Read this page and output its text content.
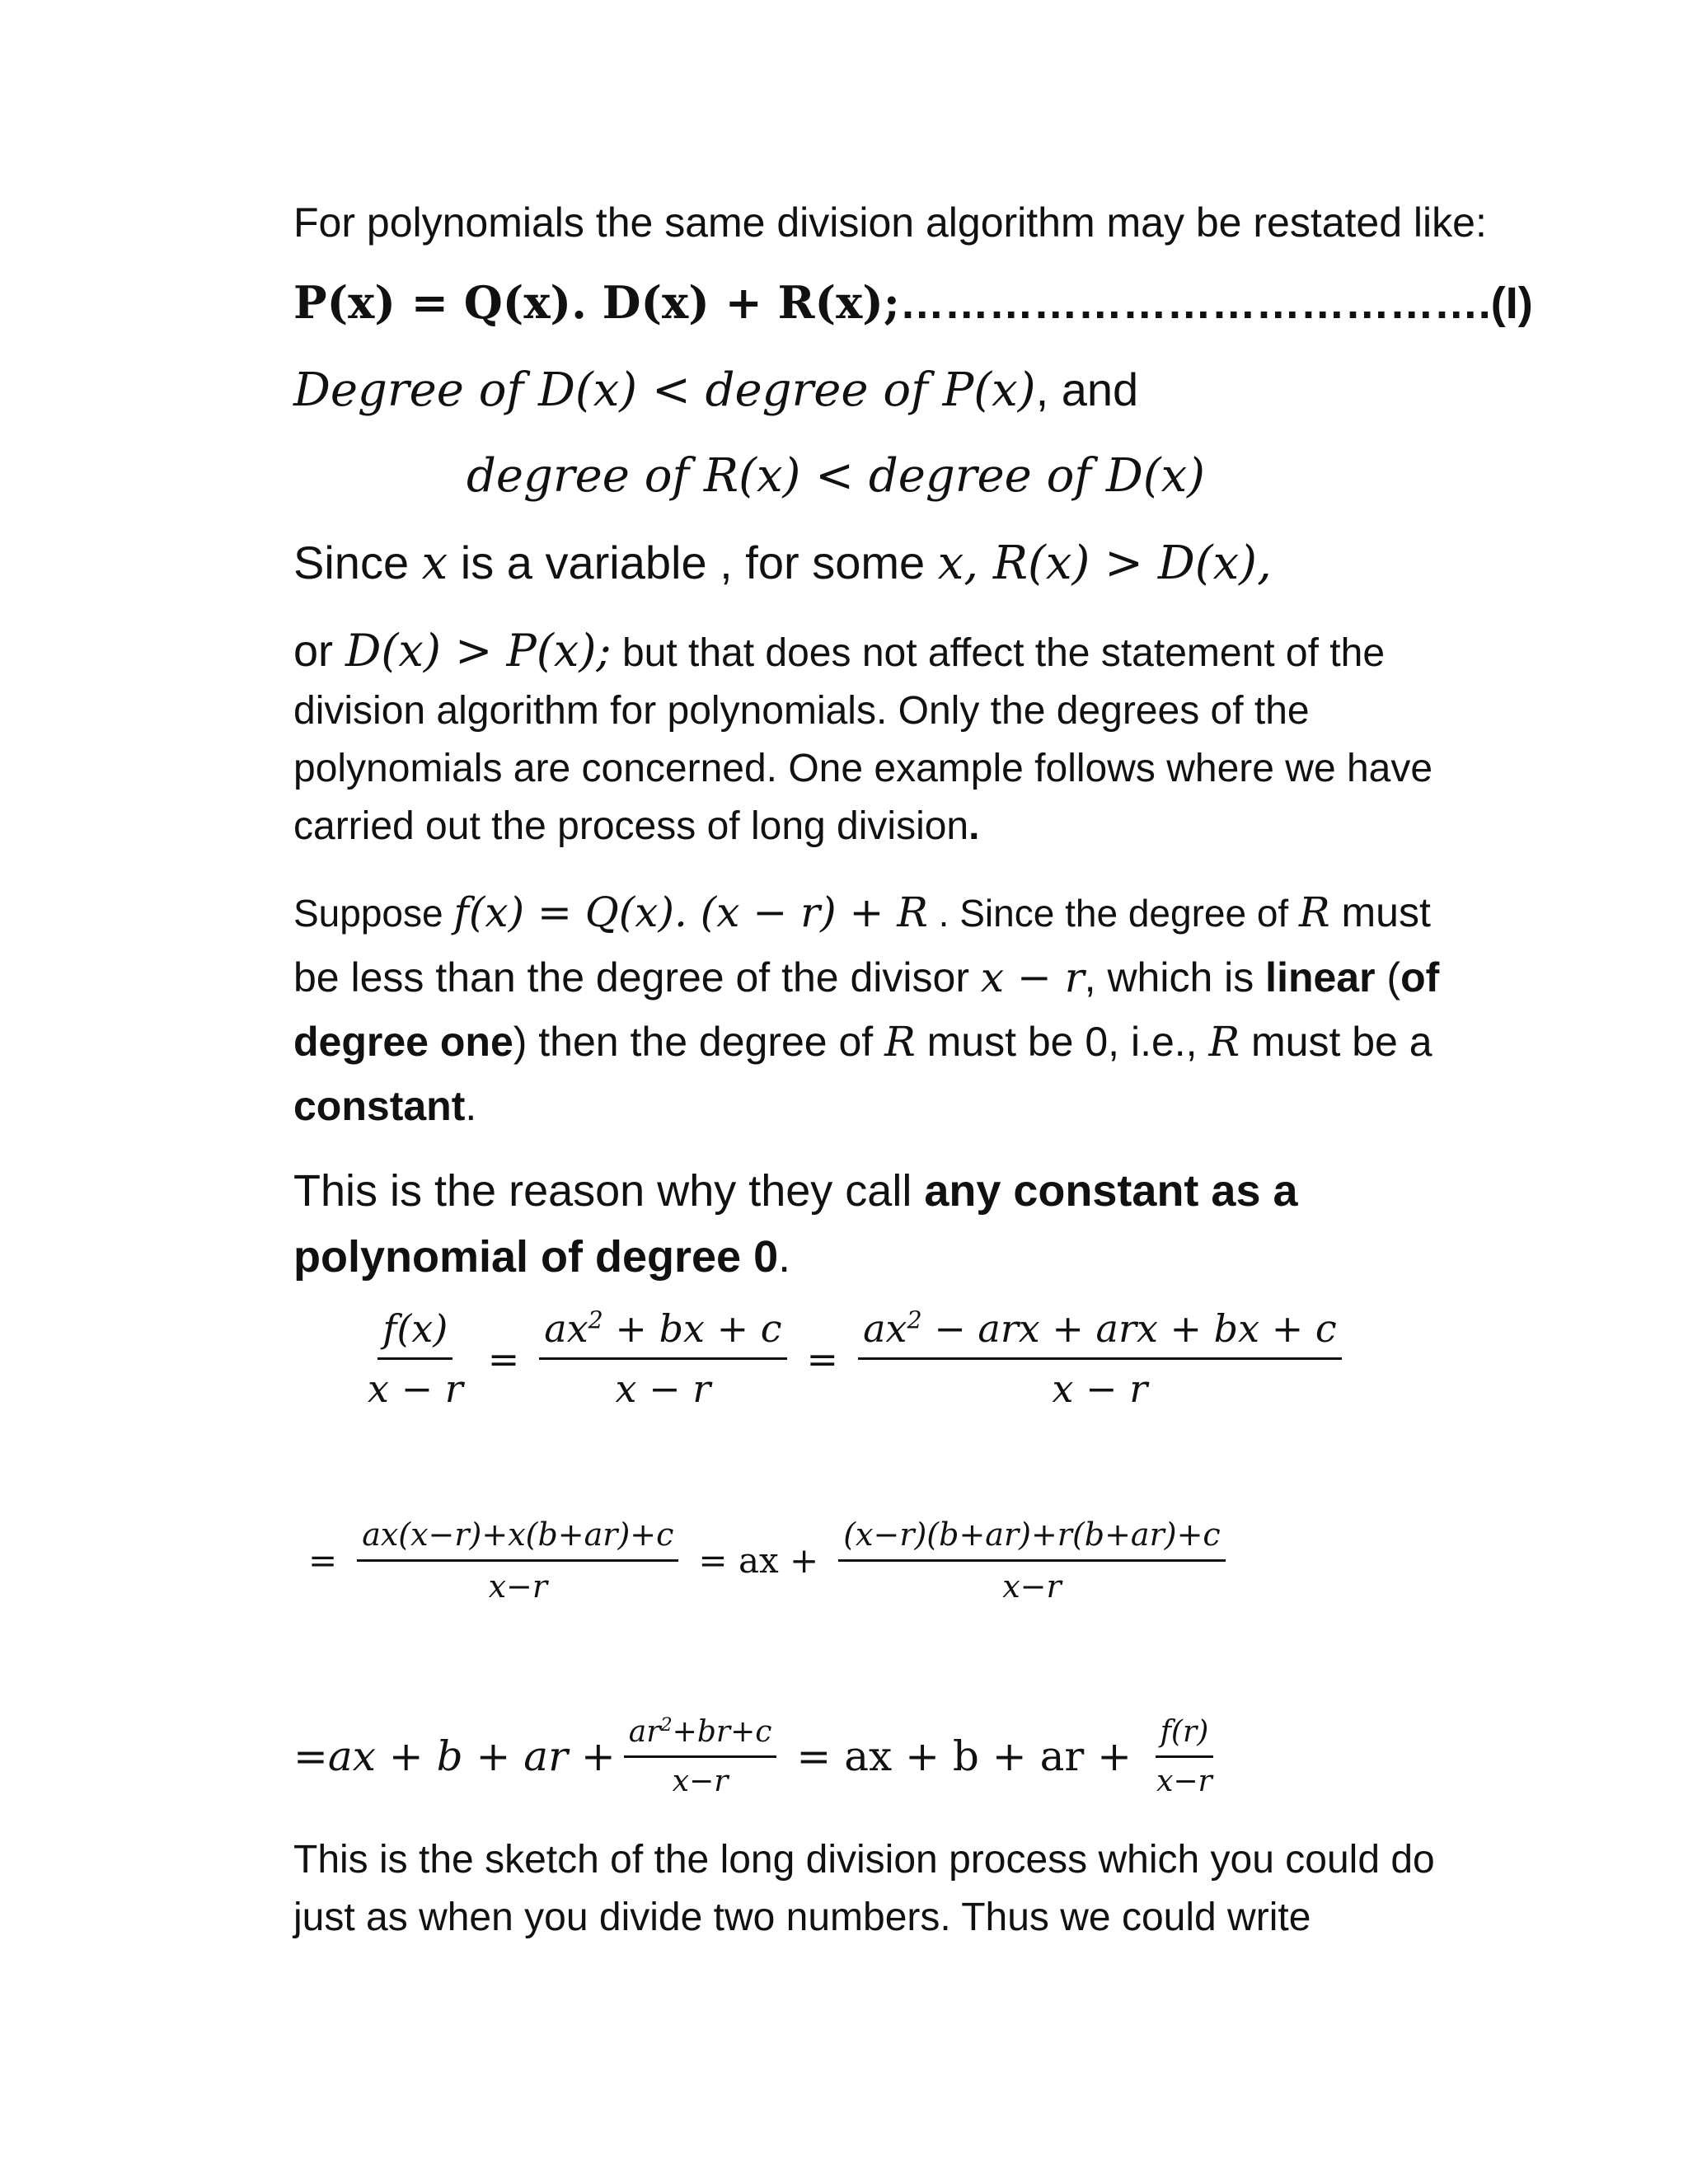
For polynomials the same division algorithm may be restated like:
P(x) = Q(x). D(x) + R(x);………………………………….(I)
Degree of D(x) < degree of P(x), and
degree of R(x) < degree of D(x)
Since x is a variable , for some x, R(x) > D(x),
or D(x) > P(x); but that does not affect the statement of the division algorithm for polynomials. Only the degrees of the polynomials are concerned. One example follows where we have carried out the process of long division.
Suppose f(x) = Q(x). (x − r) + R . Since the degree of R must be less than the degree of the divisor x − r, which is linear (of degree one) then the degree of R must be 0, i.e., R must be a constant.
This is the reason why they call any constant as a polynomial of degree 0.
$\frac{f(x)}{x - r} = \frac{ax^2 + bx + c}{x - r} = \frac{ax^2 - arx + arx + bx + c}{x - r}$
= $\frac{ax(x-r)+x(b+ar)+c}{x-r}$ = ax + $\frac{(x-r)(b+ar)+r(b+ar)+c}{x-r}$
=ax + b + ar + $\frac{ar^2+br+c}{x-r}$ = ax + b + ar + $\frac{f(r)}{x-r}$
This is the sketch of the long division process which you could do just as when you divide two numbers. Thus we could write
